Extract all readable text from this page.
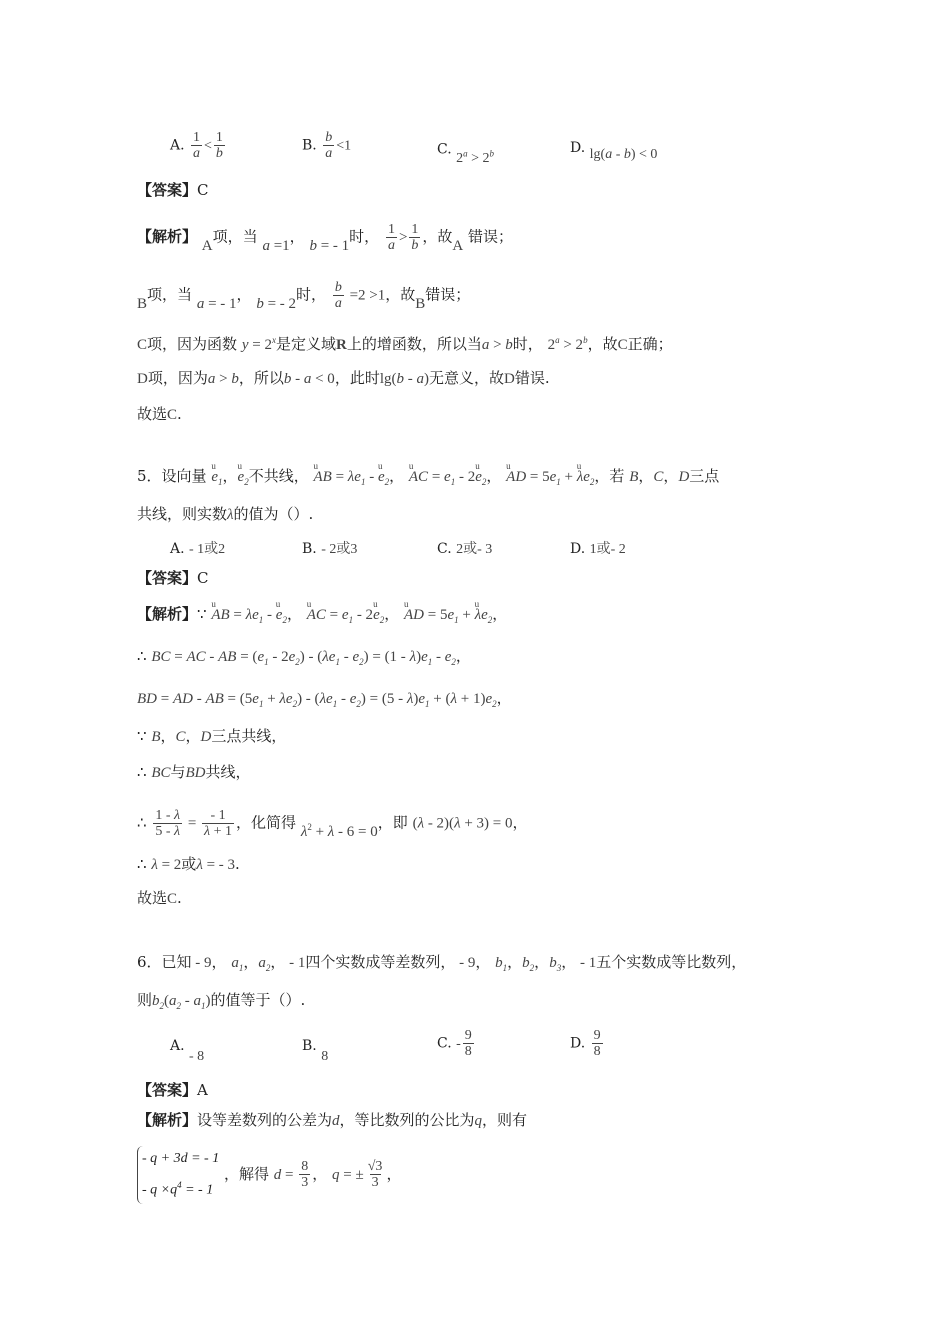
A. $\frac{1}{a} < \frac{1}{b}$	B. $\frac{b}{a} <1$	C. $2^a > 2^b$	D. lg(a - b) < 0
【答案】C
【解析】 A项，当 a =1， b = - 1时， $\frac{1}{a} > \frac{1}{b}$ ，故A 错误；
B项，当 a = - 1， b = - 2时， $\frac{b}{a} =2 >1$，故B错误；
C项，因为函数 $y = 2^x$是定义域R上的增函数，所以当a > b时， $2^a > 2^b$，故C正确；
D项，因为a > b，所以b - a < 0，此时lg(b - a)无意义，故D错误.
故选C.
5．设向量 u $e_1$，u $e_2$不共线， u AB = $\lambda e_1$ - u $e_2$， u AC = $e_1 - 2u$ $e_2$， u AD = $5e_1 + u$ $\lambda e_2$，若 B，C，D三点
共线，则实数λ的值为（）.
A. - 1或2	B. - 2或3	C. 2或- 3	D. 1或- 2
【答案】C
【解析】∵ u AB = $\lambda e_1$ - u $e_2$， u AC = $e_1 - 2u$ $e_2$， u AD = $5e_1 + u$ $\lambda e_2$，
∴ BC = AC - AB = $(e_1 - 2e_2) - (\lambda e_1 - e_2) = (1 - \lambda)e_1 - e_2$，
BD = AD - AB = $(5e_1 + \lambda e_2) - (\lambda e_1 - e_2) = (5 - \lambda)e_1 + (\lambda + 1)e_2$，
∵ B，C，D三点共线，
∴ BC与BD共线，
∴ $\frac{1 - \lambda}{5 - \lambda} = \frac{- 1}{\lambda + 1}$ ，化简得 $\lambda^2 + \lambda - 6 = 0$，即 (λ - 2)(λ + 3) = 0，
∴ λ = 2或λ = - 3.
故选C.
6．已知 - 9， $a_1$，$a_2$， - 1四个实数成等差数列， - 9， $b_1$，$b_2$，$b_3$， - 1五个实数成等比数列，
则$b_2(a_2 - a_1)$的值等于（）.
A. - 8
B. 8
C. - $\frac{9}{8}$	D. $\frac{9}{8}$
【答案】A
【解析】设等差数列的公差为d，等比数列的公比为q，则有
- q + 3d = - 1
- $q \times q^4$ = - 1 ，解得 $d = \frac{8}{3}$ ， q = ± $\frac{√3}{3}$ ，
